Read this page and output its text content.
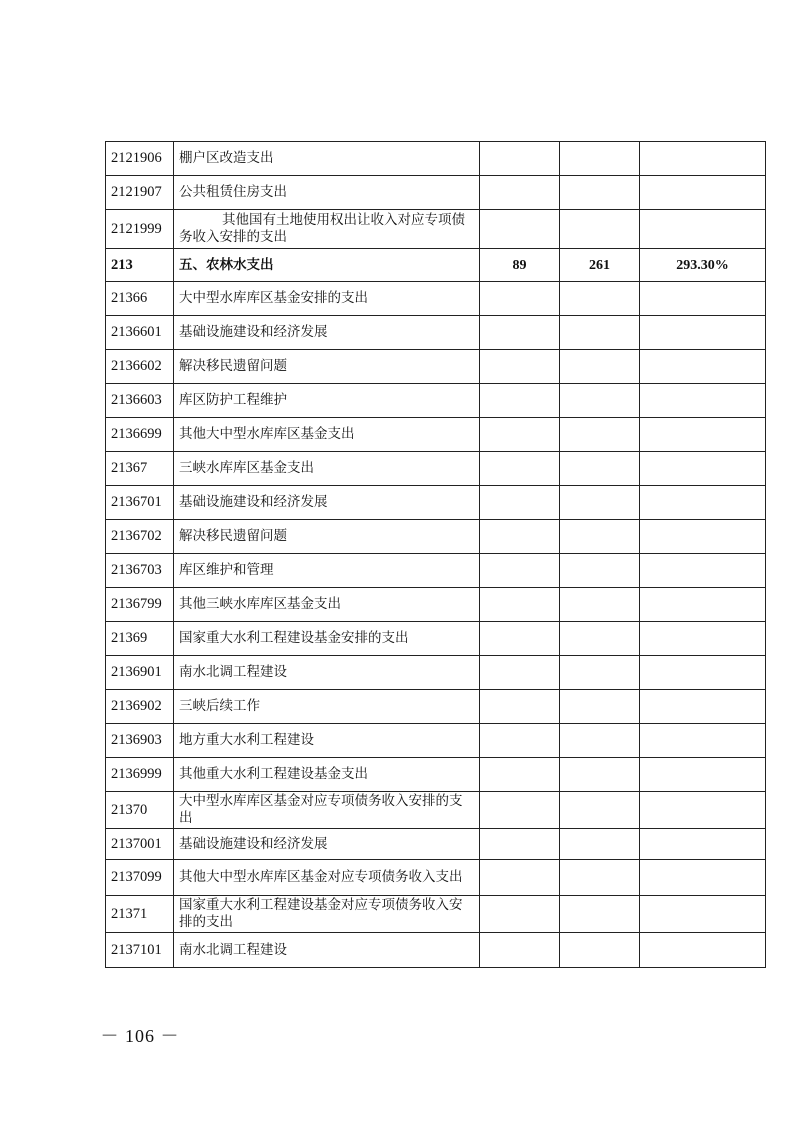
2121906	棚户区改造支出			
2121907	公共租赁住房支出			
2121999	其他国有土地使用权出让收入对应专项债务收入安排的支出			
213	五、农林水支出	89	261	293.30%
21366	大中型水库库区基金安排的支出			
2136601	基础设施建设和经济发展			
2136602	解决移民遗留问题			
2136603	库区防护工程维护			
2136699	其他大中型水库库区基金支出			
21367	三峡水库库区基金支出			
2136701	基础设施建设和经济发展			
2136702	解决移民遗留问题			
2136703	库区维护和管理			
2136799	其他三峡水库库区基金支出			
21369	国家重大水利工程建设基金安排的支出			
2136901	南水北调工程建设			
2136902	三峡后续工作			
2136903	地方重大水利工程建设			
2136999	其他重大水利工程建设基金支出			
21370	大中型水库库区基金对应专项债务收入安排的支出			
2137001	基础设施建设和经济发展			
2137099	其他大中型水库库区基金对应专项债务收入支出			
21371	国家重大水利工程建设基金对应专项债务收入安排的支出			
2137101	南水北调工程建设			
－ 106 －
